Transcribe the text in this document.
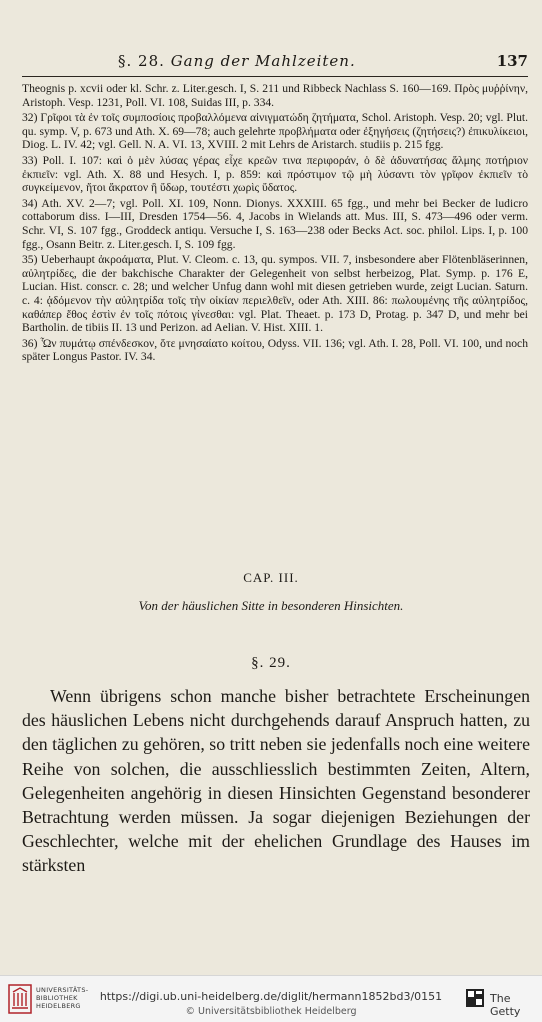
§. 28. Gang der Mahlzeiten.	137

Theognis p. xcvii oder kl. Schr. z. Liter.gesch. I, S. 211 und Ribbeck Nachlass S. 160—169. Πρὸς μυῤῥίνην, Aristoph. Vesp. 1231, Poll. VI. 108, Suidas III, p. 334.

32) Γρῖφοι τὰ ἐν τοῖς συμποσίοις προβαλλόμενα αἰνιγματώδη ζητήματα, Schol. Aristoph. Vesp. 20; vgl. Plut. qu. symp. V, p. 673 und Ath. X. 69—78; auch gelehrte προβλήματα oder ἐξηγήσεις (ζητήσεις?) ἐπικυλίκειοι, Diog. L. IV. 42; vgl. Gell. N. A. VI. 13, XVIII. 2 mit Lehrs de Aristarch. studiis p. 215 fgg.

33) Poll. I. 107: καὶ ὁ μὲν λύσας γέρας εἶχε κρεῶν τινα περιφοράν, ὁ δὲ ἀδυνατήσας ἅλμης ποτήριον ἐκπιεῖν: vgl. Ath. X. 88 und Hesych. I, p. 859: καὶ πρόστιμον τῷ μὴ λύσαντι τὸν γρῖφον ἐκπιεῖν τὸ συγκείμενον, ἤτοι ἄκρατον ἢ ὕδωρ, τουτέστι χωρὶς ὕδατος.

34) Ath. XV. 2—7; vgl. Poll. XI. 109, Nonn. Dionys. XXXIII. 65 fgg., und mehr bei Becker de ludicro cottaborum diss. I—III, Dresden 1754—56. 4, Jacobs in Wielands att. Mus. III, S. 473—496 oder verm. Schr. VI, S. 107 fgg., Groddeck antiqu. Versuche I, S. 163—238 oder Becks Act. soc. philol. Lips. I, p. 100 fgg., Osann Beitr. z. Liter.gesch. I, S. 109 fgg.

35) Ueberhaupt ἀκροάματα, Plut. V. Cleom. c. 13, qu. sympos. VII. 7, insbesondere aber Flötenbläserinnen, αὐλητρίδες, die der bakchische Charakter der Gelegenheit von selbst herbeizog, Plat. Symp. p. 176 E, Lucian. Hist. conscr. c. 28; und welcher Unfug dann wohl mit diesen getrieben wurde, zeigt Lucian. Saturn. c. 4: ᾀδόμενον τὴν αὐλητρίδα τοῖς τὴν οἰκίαν περιελθεῖν, oder Ath. XIII. 86: πωλουμένης τῆς αὐλητρίδος, καθάπερ ἔθος ἐστὶν ἐν τοῖς πότοις γίνεσθαι: vgl. Plat. Theaet. p. 173 D, Protag. p. 347 D, und mehr bei Bartholin. de tibiis II. 13 und Perizon. ad Aelian. V. Hist. XIII. 1.

36) Ὧν πυμάτῳ σπένδεσκον, ὅτε μνησαίατο κοίτου, Odyss. VII. 136; vgl. Ath. I. 28, Poll. VI. 100, und noch später Longus Pastor. IV. 34.

CAP. III.
Von der häuslichen Sitte in besonderen Hinsichten.
§. 29.

Wenn übrigens schon manche bisher betrachtete Erscheinungen des häuslichen Lebens nicht durchgehends darauf Anspruch hatten, zu den täglichen zu gehören, so tritt neben sie jedenfalls noch eine weitere Reihe von solchen, die ausschliesslich bestimmten Zeiten, Altern, Gelegenheiten angehörig in diesen Hinsichten Gegenstand besonderer Betrachtung werden müssen. Ja sogar diejenigen Beziehungen der Geschlechter, welche mit der ehelichen Grundlage des Hauses im stärksten

UNIVERSITÄTS-
BIBLIOTHEK
HEIDELBERG
https://digi.ub.uni-heidelberg.de/diglit/hermann1852bd3/0151
© Universitätsbibliothek Heidelberg
The Getty
